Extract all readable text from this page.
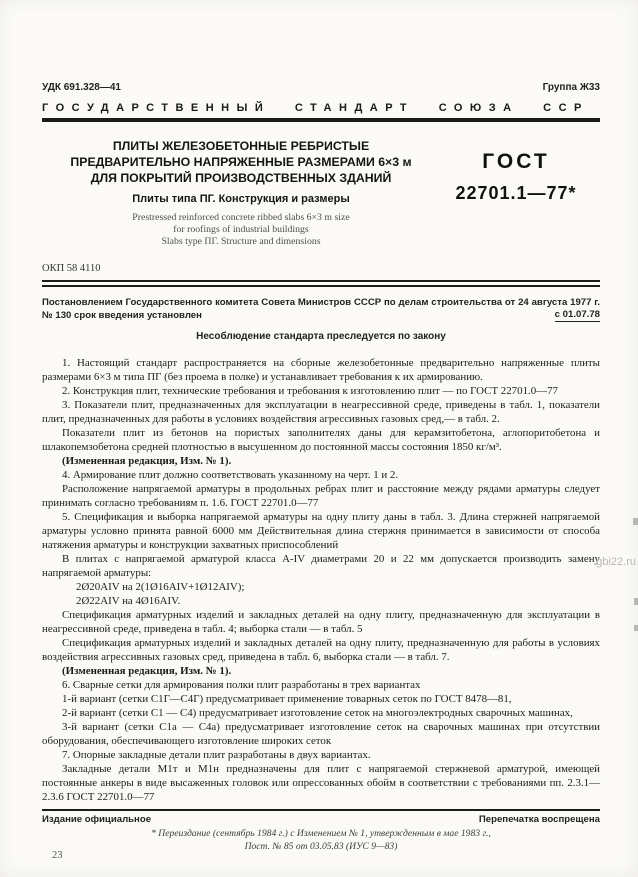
УДК 691.328—41	Группа Ж33
ГОСУДАРСТВЕННЫЙ СТАНДАРТ СОЮЗА ССР
ПЛИТЫ ЖЕЛЕЗОБЕТОННЫЕ РЕБРИСТЫЕ
ПРЕДВАРИТЕЛЬНО НАПРЯЖЕННЫЕ РАЗМЕРАМИ 6×3 м
ДЛЯ ПОКРЫТИЙ ПРОИЗВОДСТВЕННЫХ ЗДАНИЙ
Плиты типа ПГ. Конструкция и размеры
Prestressed reinforced concrete ribbed slabs 6×3 m size
for roofings of industrial buildings
Slabs type ПГ. Structure and dimensions
ГОСТ
22701.1—77*
ОКП 58 4110

Постановлением Государственного комитета Совета Министров СССР по делам строительства от 24 августа 1977 г. № 130 срок введения установлен	с 01.07.78
Несоблюдение стандарта преследуется по закону

1. Настоящий стандарт распространяется на сборные железобетонные предварительно напряженные плиты размерами 6×3 м типа ПГ (без проема в полке) и устанавливает требования к их армированию.

2. Конструкция плит, технические требования и требования к изготовлению плит — по ГОСТ 22701.0—77

3. Показатели плит, предназначенных для эксплуатации в неагрессивной среде, приведены в табл. 1, показатели плит, предназначенных для работы в условиях воздействия агрессивных газовых сред,— в табл. 2.

Показатели плит из бетонов на пористых заполнителях даны для керамзитобетона, аглопоритобетона и шлакопемзобетона средней плотностью в высушенном до постоянной массы состояния 1850 кг/м³.

(Измененная редакция, Изм. № 1).

4. Армирование плит должно соответствовать указанному на черт. 1 и 2.

Расположение напрягаемой арматуры в продольных ребрах плит и расстояние между рядами арматуры следует принимать согласно требованиям п. 1.6. ГОСТ 22701.0—77

5. Спецификация и выборка напрягаемой арматуры на одну плиту даны в табл. 3. Длина стержней напрягаемой арматуры условно принята равной 6000 мм Действительная длина стержня принимается в зависимости от способа натяжения арматуры и конструкции захватных приспособлений

В плитах с напрягаемой арматурой класса А-IV диаметрами 20 и 22 мм допускается производить замену напрягаемой арматуры:

2Ø20AIV на 2(1Ø16AIV+1Ø12AIV);

2Ø22AIV на 4Ø16AIV.

Спецификация арматурных изделий и закладных деталей на одну плиту, предназначенную для эксплуатации в неагрессивной среде, приведена в табл. 4; выборка стали — в табл. 5

Спецификация арматурных изделий и закладных деталей на одну плиту, предназначенную для работы в условиях воздействия агрессивных газовых сред, приведена в табл. 6, выборка стали — в табл. 7.

(Измененная редакция, Изм. № 1).

6. Сварные сетки для армирования полки плит разработаны в трех вариантах

1-й вариант (сетки С1Г—С4Г) предусматривает применение товарных сеток по ГОСТ 8478—81,

2-й вариант (сетки С1 — С4) предусматривает изготовление сеток на многоэлектродных сварочных машинах,

3-й вариант (сетки С1а — С4а) предусматривает изготовление сеток на сварочных машинах при отсутствии оборудования, обеспечивающего изготовление широких сеток

7. Опорные закладные детали плит разработаны в двух вариантах.

Закладные детали М1т и М1н предназначены для плит с напрягаемой стержневой арматурой, имеющей постоянные анкеры в виде высаженных головок или опрессованных обойм в соответствии с требованиями пп. 2.3.1—2.3.6 ГОСТ 22701.0—77

Издание официальное	Перепечатка воспрещена
* Переиздание (сентябрь 1984 г.) с Изменением № 1, утвержденным в мае 1983 г.,
Пост. № 85 от 03.05.83 (ИУС 9—83)
23
gbi22.ru
